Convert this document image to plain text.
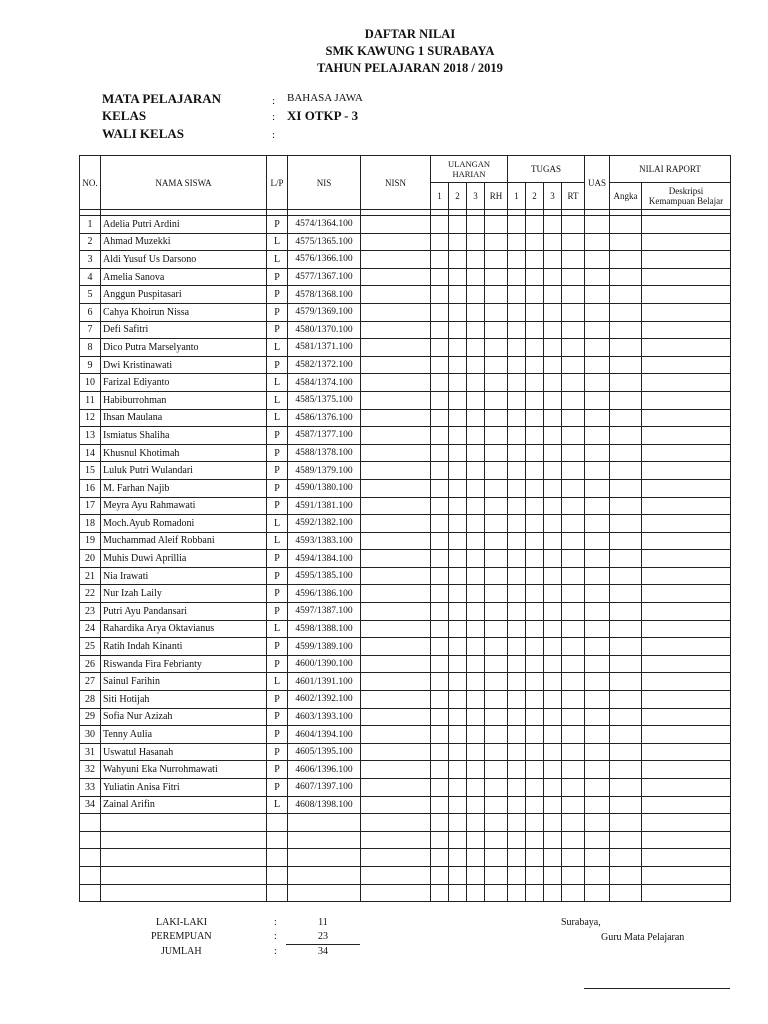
DAFTAR NILAI
SMK KAWUNG 1 SURABAYA
TAHUN PELAJARAN 2018 / 2019
MATA PELAJARAN	: BAHASA JAWA
KELAS	: XI OTKP - 3
WALI KELAS	:
NO.	NAMA SISWA	L/P	NIS	NISN	ULANGAN HARIAN				TUGAS				UAS	NILAI RAPORT	
					1	2	3	RH	1	2	3	RT		Angka	Deskripsi
Kemampuan Belajar

1	Adelia Putri Ardini	P	4574/1364.100												
2	Ahmad Muzekki	L	4575/1365.100												
3	Aldi Yusuf Us Darsono	L	4576/1366.100												
4	Amelia Sanova	P	4577/1367.100												
5	Anggun Puspitasari	P	4578/1368.100												
6	Cahya Khoirun Nissa	P	4579/1369.100												
7	Defi Safitri	P	4580/1370.100												
8	Dico Putra Marselyanto	L	4581/1371.100												
9	Dwi Kristinawati	P	4582/1372.100												
10	Farizal Ediyanto	L	4584/1374.100												
11	Habiburrohman	L	4585/1375.100												
12	Ihsan Maulana	L	4586/1376.100												
13	Ismiatus Shaliha	P	4587/1377.100												
14	Khusnul Khotimah	P	4588/1378.100												
15	Luluk Putri Wulandari	P	4589/1379.100												
16	M. Farhan Najib	P	4590/1380.100												
17	Meyra Ayu Rahmawati	P	4591/1381.100												
18	Moch.Ayub Romadoni	L	4592/1382.100												
19	Muchammad Aleif Robbani	L	4593/1383.100												
20	Muhis Duwi Aprillia	P	4594/1384.100												
21	Nia Irawati	P	4595/1385.100												
22	Nur Izah Laily	P	4596/1386.100												
23	Putri Ayu Pandansari	P	4597/1387.100												
24	Rahardika Arya Oktavianus	L	4598/1388.100												
25	Ratih Indah Kinanti	P	4599/1389.100												
26	Riswanda Fira Febrianty	P	4600/1390.100												
27	Sainul Farihin	L	4601/1391.100												
28	Siti Hotijah	P	4602/1392.100												
29	Sofia Nur Azizah	P	4603/1393.100												
30	Tenny Aulia	P	4604/1394.100												
31	Uswatul Hasanah	P	4605/1395.100												
32	Wahyuni Eka Nurrohmawati	P	4606/1396.100												
33	Yuliatin Anisa Fitri	P	4607/1397.100												
34	Zainal Arifin	L	4608/1398.100												

LAKI-LAKI	:	11
PEREMPUAN	:	23
JUMLAH	:	34
Surabaya,
Guru Mata Pelajaran
